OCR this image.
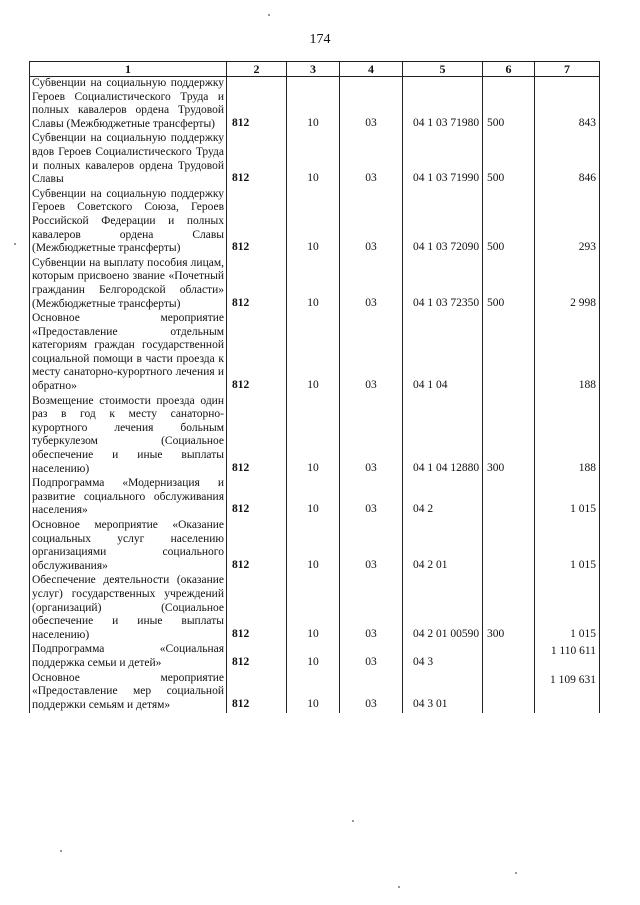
174
1	2	3	4	5	6	7
Субвенции на социальную поддержку Героев Социалистического Труда и полных кавалеров ордена Трудовой Славы (Межбюджетные трансферты)	812	10	03	04 1 03 71980	500	843
Субвенции на социальную поддержку вдов Героев Социалистического Труда и полных кавалеров ордена Трудовой Славы	812	10	03	04 1 03 71990	500	846
Субвенции на социальную поддержку Героев Советского Союза, Героев Российской Федерации и полных кавалеров ордена Славы (Межбюджетные трансферты)	812	10	03	04 1 03 72090	500	293
Субвенции на выплату пособия лицам, которым присвоено звание «Почетный гражданин Белгородской области» (Межбюджетные трансферты)	812	10	03	04 1 03 72350	500	2 998
Основное мероприятие «Предоставление отдельным категориям граждан государственной социальной помощи в части проезда к месту санаторно-курортного лечения и обратно»	812	10	03	04 1 04		188
Возмещение стоимости проезда один раз в год к месту санаторно-курортного лечения больным туберкулезом (Социальное обеспечение и иные выплаты населению)	812	10	03	04 1 04 12880	300	188
Подпрограмма «Модернизация и развитие социального обслуживания населения»	812	10	03	04 2		1 015
Основное мероприятие «Оказание социальных услуг населению организациями социального обслуживания»	812	10	03	04 2 01		1 015
Обеспечение деятельности (оказание услуг) государственных учреждений (организаций) (Социальное обеспечение и иные выплаты населению)	812	10	03	04 2 01 00590	300	1 015
Подпрограмма «Социальная поддержка семьи и детей»	812	10	03	04 3		1 110 611
Основное мероприятие «Предоставление мер социальной поддержки семьям и детям»	812	10	03	04 3 01		1 109 631
